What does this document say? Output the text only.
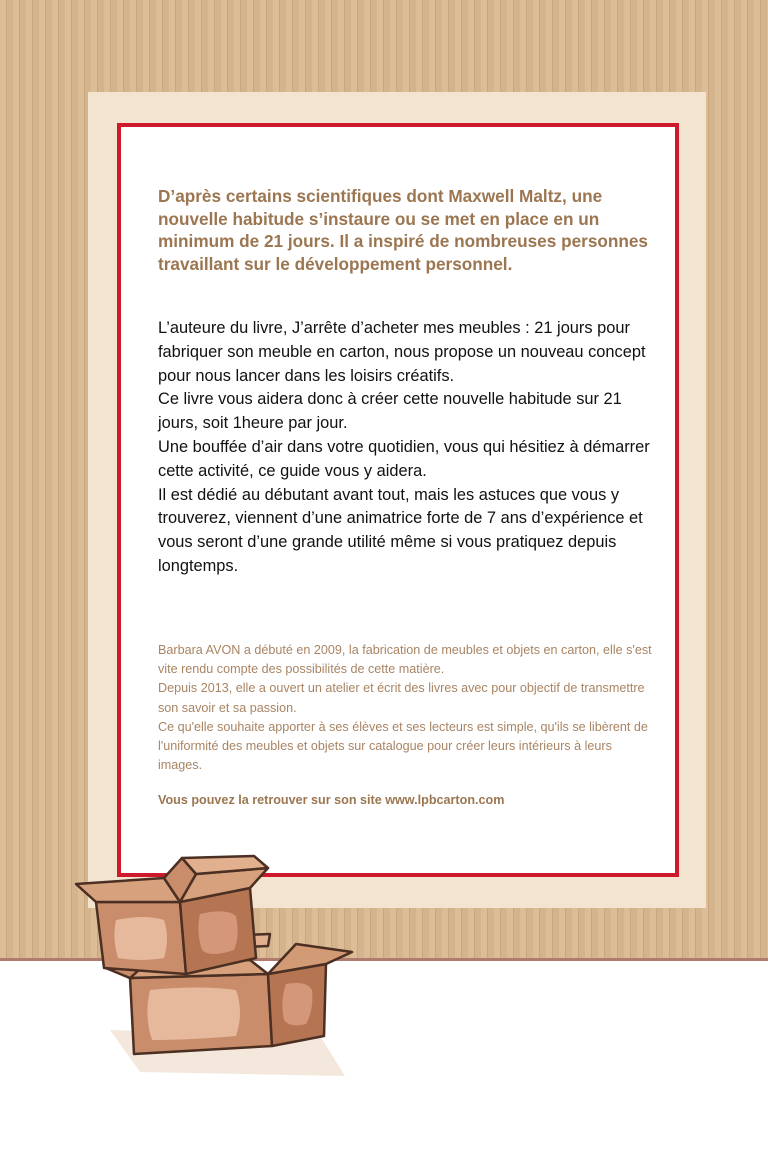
D’après certains scientifiques dont Maxwell Maltz, une nouvelle habitude s’instaure ou se met en place en un minimum de 21 jours. Il a inspiré de nombreuses personnes travaillant sur le développement personnel.

L’auteure du livre, J’arrête d’acheter mes meubles : 21 jours pour fabriquer son meuble en carton, nous propose un nouveau concept pour nous lancer dans les loisirs créatifs.
Ce livre vous aidera donc à créer cette nouvelle habitude sur 21 jours, soit 1heure par jour.
Une bouffée d’air dans votre quotidien, vous qui hésitiez à démarrer cette activité, ce guide vous y aidera.
Il est dédié au débutant avant tout, mais les astuces que vous y trouverez, viennent d’une animatrice forte de 7 ans d’expérience et vous seront d’une grande utilité même si vous pratiquez depuis longtemps.

Barbara AVON a débuté en 2009, la fabrication de meubles et objets en carton, elle s'est vite rendu compte des possibilités de cette matière.
Depuis 2013, elle a ouvert un atelier et écrit des livres avec pour objectif de transmettre son savoir et sa passion.
Ce qu'elle souhaite apporter à ses élèves et ses lecteurs est simple, qu'ils se libèrent de l'uniformité des meubles et objets sur catalogue pour créer leurs intérieurs à leurs images.

Vous pouvez la retrouver sur son site www.lpbcarton.com
